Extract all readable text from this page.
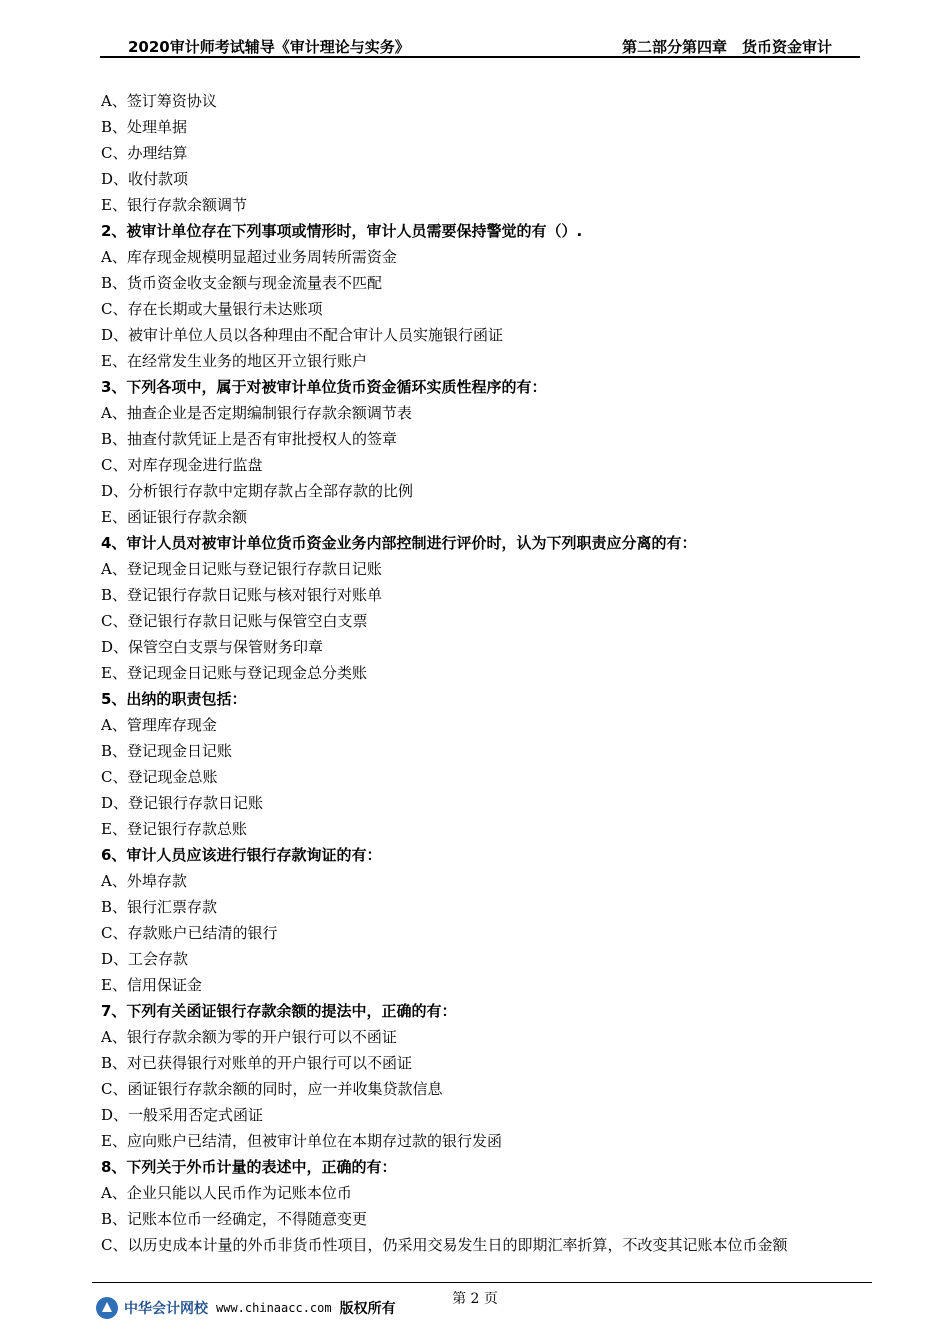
2020审计师考试辅导《审计理论与实务》	第二部分第四章　货币资金审计
A、签订筹资协议
B、处理单据
C、办理结算
D、收付款项
E、银行存款余额调节
2、被审计单位存在下列事项或情形时，审计人员需要保持警觉的有（）.
A、库存现金规模明显超过业务周转所需资金
B、货币资金收支金额与现金流量表不匹配
C、存在长期或大量银行未达账项
D、被审计单位人员以各种理由不配合审计人员实施银行函证
E、在经常发生业务的地区开立银行账户
3、下列各项中，属于对被审计单位货币资金循环实质性程序的有：
A、抽查企业是否定期编制银行存款余额调节表
B、抽查付款凭证上是否有审批授权人的签章
C、对库存现金进行监盘
D、分析银行存款中定期存款占全部存款的比例
E、函证银行存款余额
4、审计人员对被审计单位货币资金业务内部控制进行评价时，认为下列职责应分离的有：
A、登记现金日记账与登记银行存款日记账
B、登记银行存款日记账与核对银行对账单
C、登记银行存款日记账与保管空白支票
D、保管空白支票与保管财务印章
E、登记现金日记账与登记现金总分类账
5、出纳的职责包括：
A、管理库存现金
B、登记现金日记账
C、登记现金总账
D、登记银行存款日记账
E、登记银行存款总账
6、审计人员应该进行银行存款询证的有：
A、外埠存款
B、银行汇票存款
C、存款账户已结清的银行
D、工会存款
E、信用保证金
7、下列有关函证银行存款余额的提法中，正确的有：
A、银行存款余额为零的开户银行可以不函证
B、对已获得银行对账单的开户银行可以不函证
C、函证银行存款余额的同时，应一并收集贷款信息
D、一般采用否定式函证
E、应向账户已结清，但被审计单位在本期存过款的银行发函
8、下列关于外币计量的表述中，正确的有：
A、企业只能以人民币作为记账本位币
B、记账本位币一经确定，不得随意变更
C、以历史成本计量的外币非货币性项目，仍采用交易发生日的即期汇率折算，不改变其记账本位币金额
第 2 页
中华会计网校 www.chinaacc.com 版权所有
